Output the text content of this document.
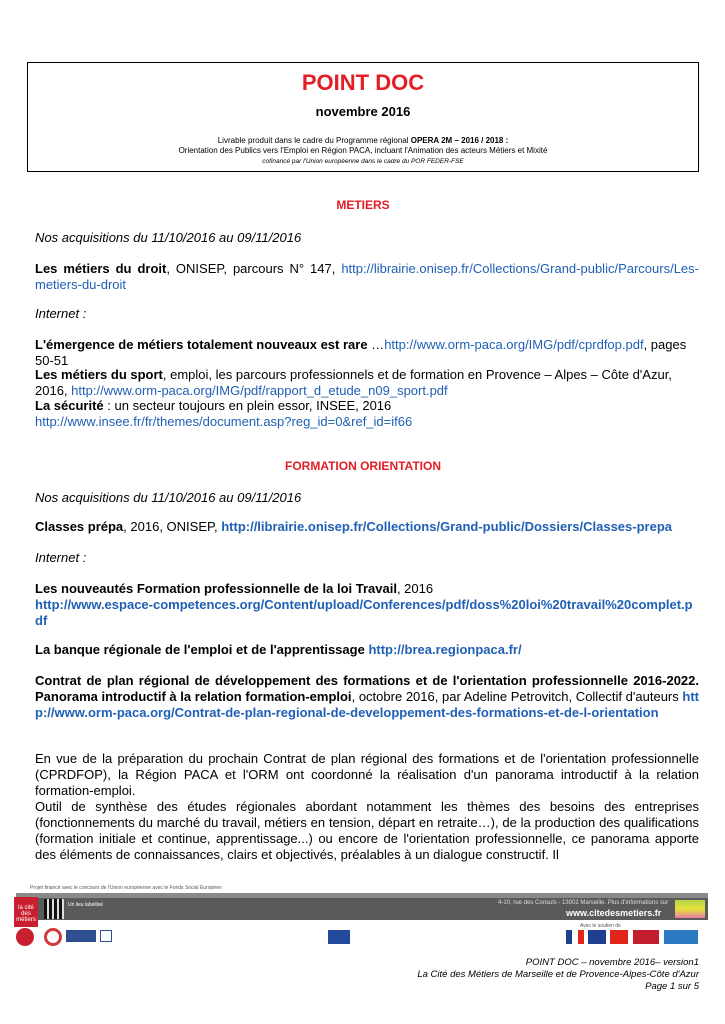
POINT DOC
novembre 2016
Livrable produit dans le cadre du Programme régional OPERA 2M – 2016 / 2018 :
Orientation des Publics vers l'Emploi en Région PACA, incluant l'Animation des acteurs Métiers et Mixité
cofinancé par l'Union européenne dans le cadre du POR FEDER-FSE
METIERS
Nos acquisitions du 11/10/2016 au 09/11/2016
Les métiers du droit, ONISEP, parcours N° 147, http://librairie.onisep.fr/Collections/Grand-public/Parcours/Les-metiers-du-droit
Internet :
L'émergence de métiers totalement nouveaux est rare …http://www.orm-paca.org/IMG/pdf/cprdfop.pdf, pages 50-51
Les métiers du sport, emploi, les parcours professionnels et de formation en Provence – Alpes – Côte d'Azur, 2016, http://www.orm-paca.org/IMG/pdf/rapport_d_etude_n09_sport.pdf
La sécurité : un secteur toujours en plein essor, INSEE, 2016
http://www.insee.fr/fr/themes/document.asp?reg_id=0&ref_id=if66
FORMATION ORIENTATION
Nos acquisitions du 11/10/2016 au 09/11/2016
Classes prépa, 2016, ONISEP, http://librairie.onisep.fr/Collections/Grand-public/Dossiers/Classes-prepa
Internet :
Les nouveautés Formation professionnelle de la loi Travail, 2016
http://www.espace-competences.org/Content/upload/Conferences/pdf/doss%20loi%20travail%20complet.pdf
La banque régionale de l'emploi et de l'apprentissage http://brea.regionpaca.fr/
Contrat de plan régional de développement des formations et de l'orientation professionnelle 2016-2022. Panorama introductif à la relation formation-emploi, octobre 2016, par Adeline Petrovitch, Collectif d'auteurs http://www.orm-paca.org/Contrat-de-plan-regional-de-developpement-des-formations-et-de-l-orientation
En vue de la préparation du prochain Contrat de plan régional des formations et de l'orientation professionnelle (CPRDFOP), la Région PACA et l'ORM ont coordonné la réalisation d'un panorama introductif à la relation formation-emploi.
Outil de synthèse des études régionales abordant notamment les thèmes des besoins des entreprises (fonctionnements du marché du travail, métiers en tension, départ en retraite…), de la production des qualifications (formation initiale et continue, apprentissage...) ou encore de l'orientation professionnelle, ce panorama apporte des éléments de connaissances, clairs et objectivés, préalables à un dialogue constructif. Il
Projet financé avec le concours de l'Union européenne avec le Fonds Social Européen
4-10, rue des Consuls - 13002 Marseille. Plus d'informations sur
www.citedesmetiers.fr
la cité des métiers
Un lieu labellisé
Avec le soutien de
POINT DOC – novembre 2016– version1
La Cité des Métiers de Marseille et de Provence-Alpes-Côte d'Azur
Page 1 sur 5
